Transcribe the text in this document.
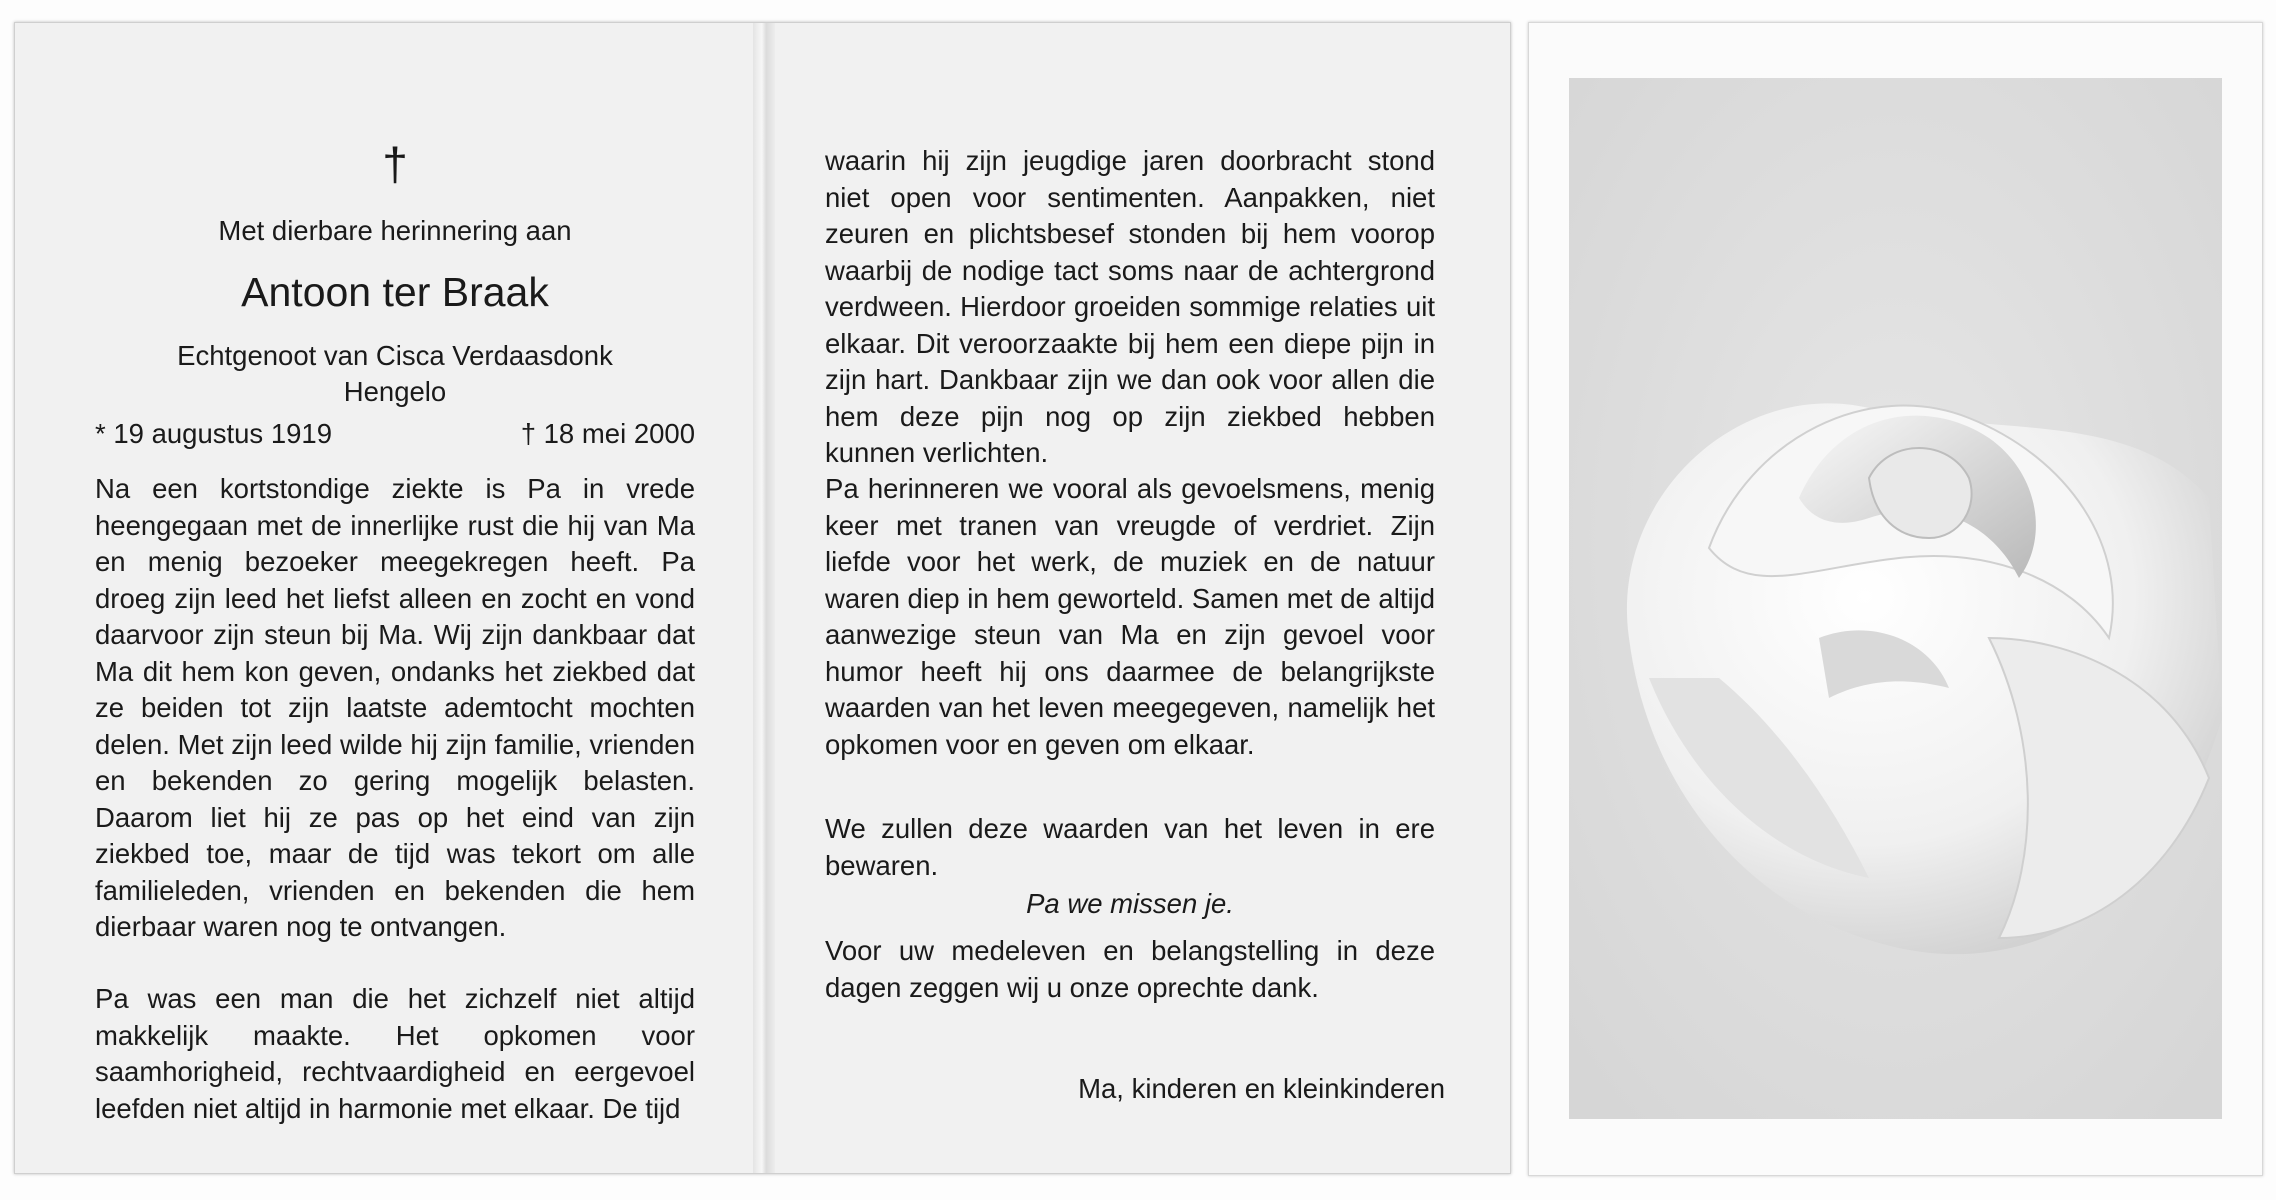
†
Met dierbare herinnering aan
Antoon ter Braak
Echtgenoot van Cisca Verdaasdonk
Hengelo
* 19 augustus 1919	† 18 mei 2000

Na een kortstondige ziekte is Pa in vrede heengegaan met de innerlijke rust die hij van Ma en menig bezoeker meegekregen heeft. Pa droeg zijn leed het liefst alleen en zocht en vond daarvoor zijn steun bij Ma. Wij zijn dankbaar dat Ma dit hem kon geven, ondanks het ziekbed dat ze beiden tot zijn laatste ademtocht mochten delen. Met zijn leed wilde hij zijn familie, vrienden en bekenden zo gering mogelijk belasten. Daarom liet hij ze pas op het eind van zijn ziekbed toe, maar de tijd was tekort om alle familieleden, vrienden en bekenden die hem dierbaar waren nog te ontvangen.

Pa was een man die het zichzelf niet altijd makkelijk maakte. Het opkomen voor saamhorigheid, rechtvaardigheid en eergevoel leefden niet altijd in harmonie met elkaar. De tijd

waarin hij zijn jeugdige jaren doorbracht stond niet open voor sentimenten. Aanpakken, niet zeuren en plichtsbesef stonden bij hem voorop waarbij de nodige tact soms naar de achtergrond verdween. Hierdoor groeiden sommige relaties uit elkaar. Dit veroorzaakte bij hem een diepe pijn in zijn hart. Dankbaar zijn we dan ook voor allen die hem deze pijn nog op zijn ziekbed hebben kunnen verlichten.

Pa herinneren we vooral als gevoelsmens, menig keer met tranen van vreugde of verdriet. Zijn liefde voor het werk, de muziek en de natuur waren diep in hem geworteld. Samen met de altijd aanwezige steun van Ma en zijn gevoel voor humor heeft hij ons daarmee de belangrijkste waarden van het leven meegegeven, namelijk het opkomen voor en geven om elkaar.

We zullen deze waarden van het leven in ere bewaren.

Pa we missen je.

Voor uw medeleven en belangstelling in deze dagen zeggen wij u onze oprechte dank.

Ma, kinderen en kleinkinderen
